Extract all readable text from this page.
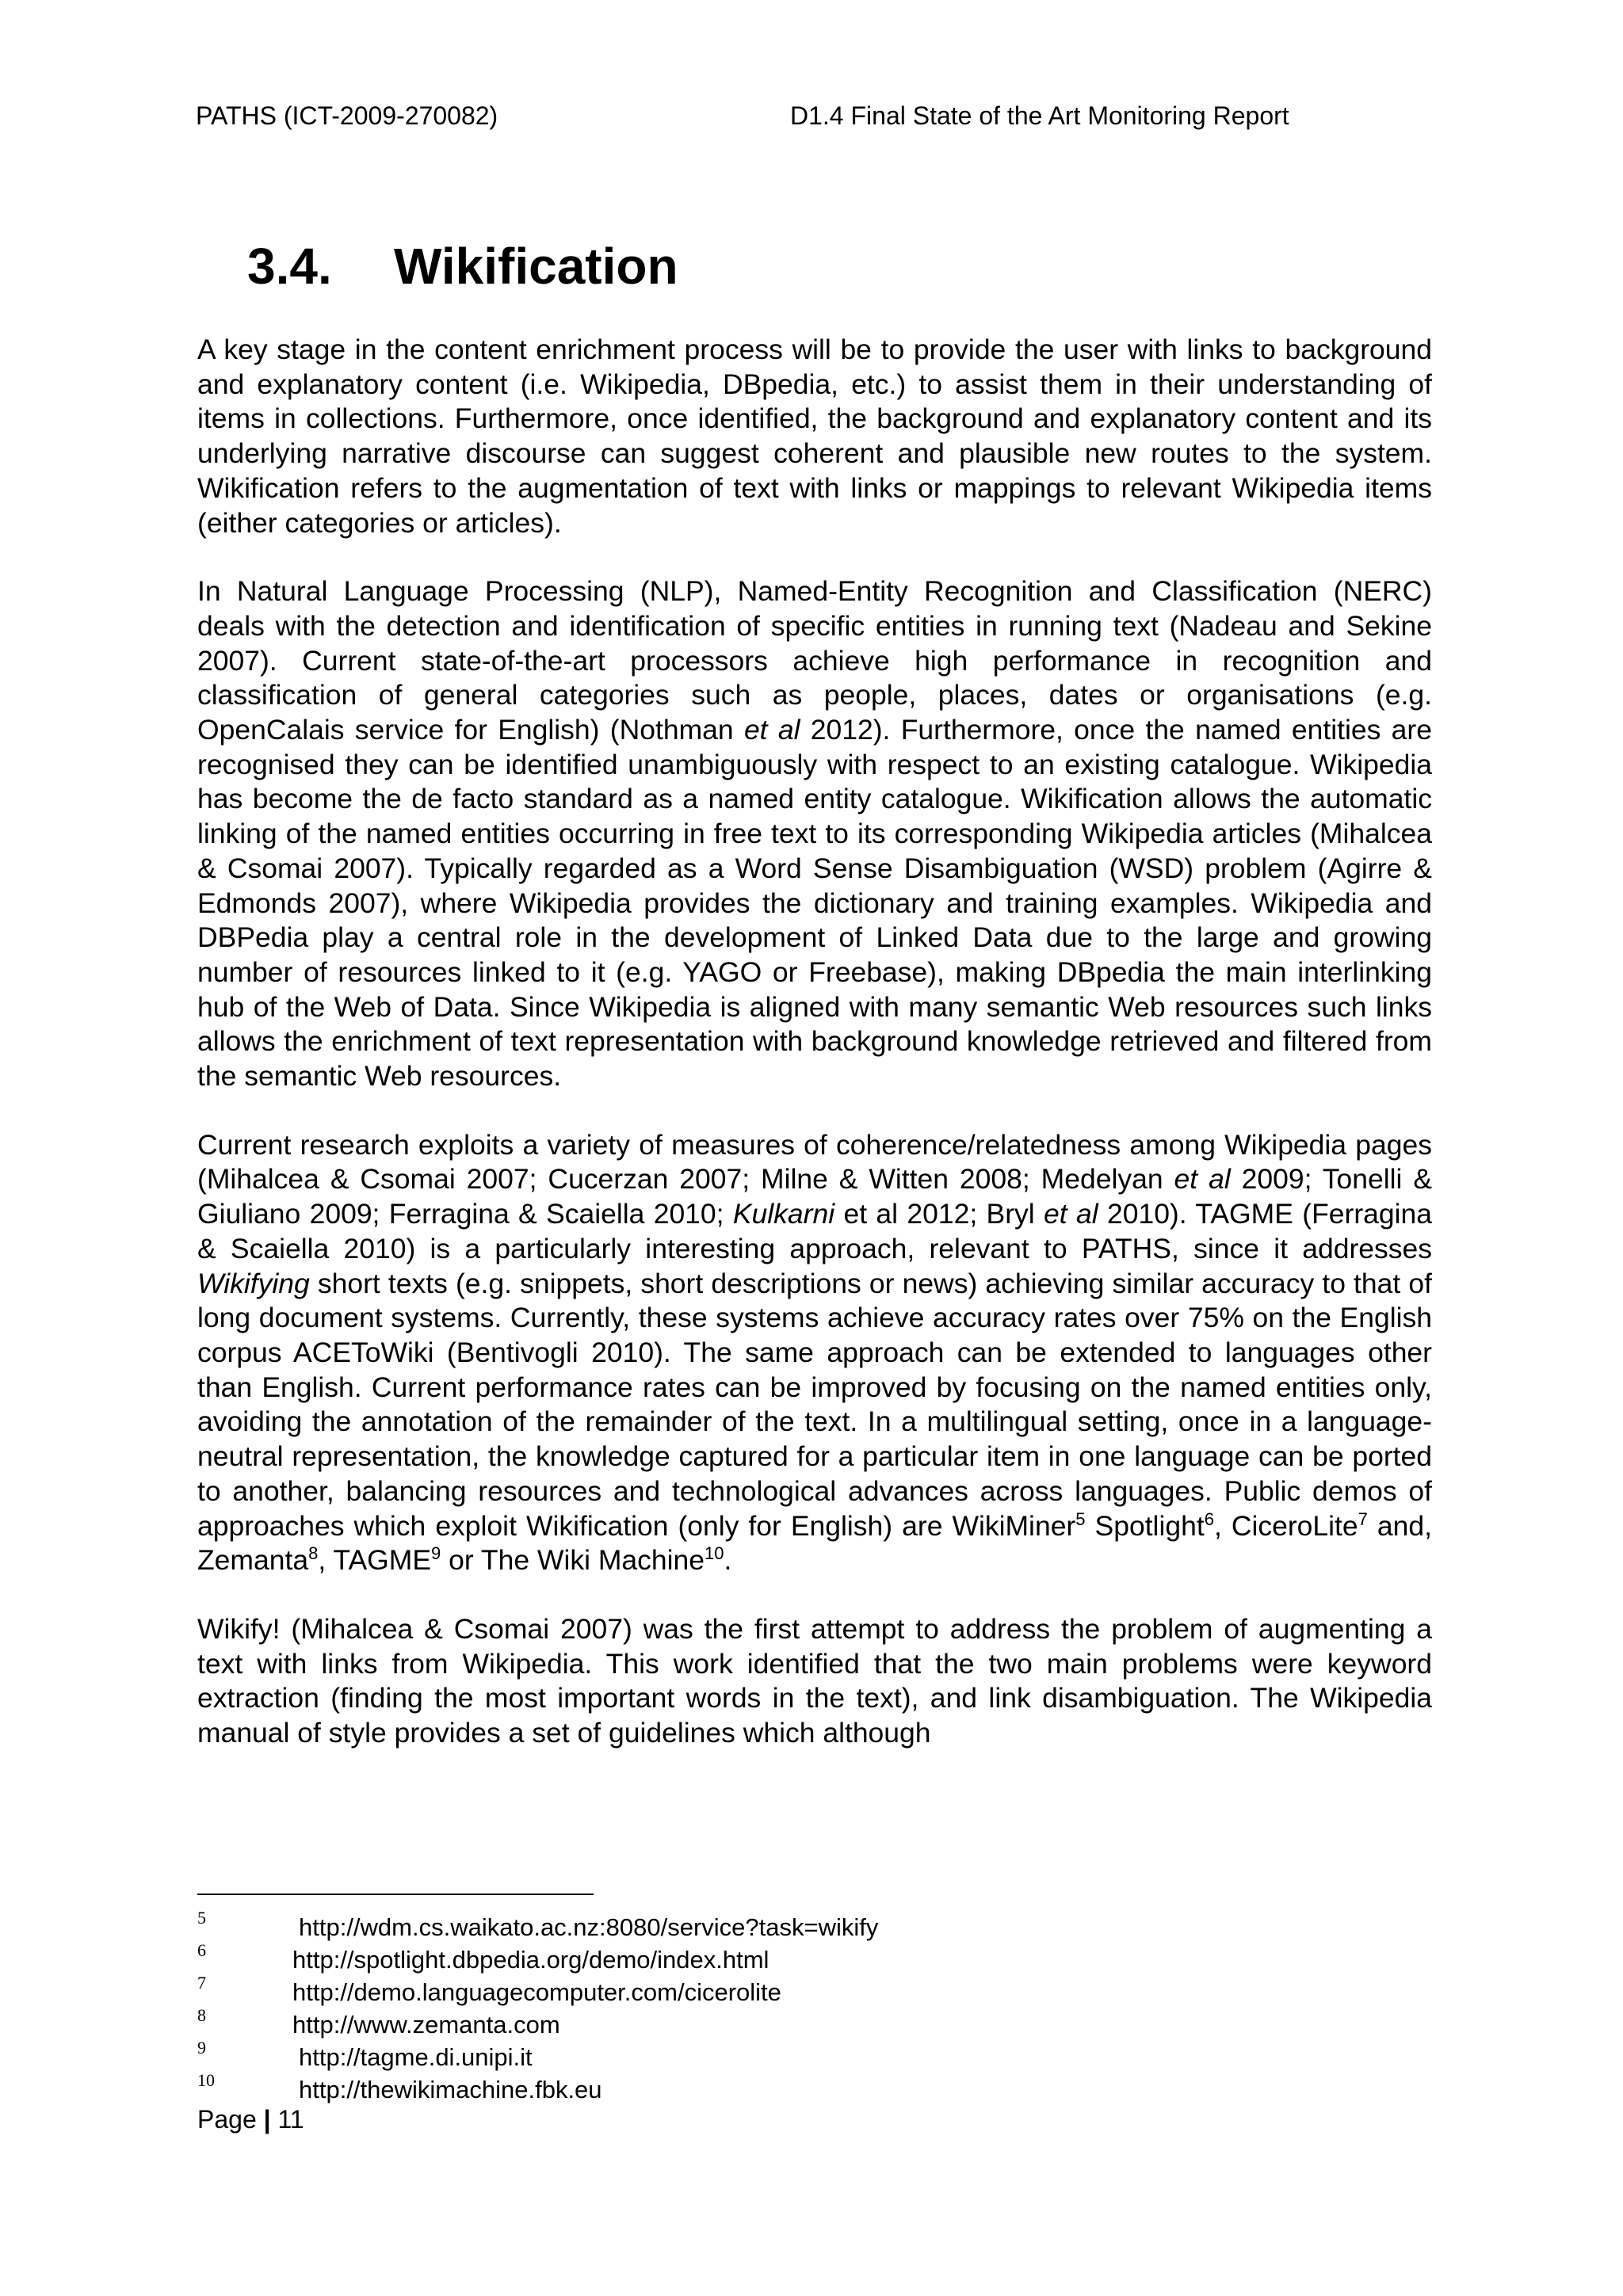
PATHS (ICT-2009-270082)	D1.4 Final State of the Art Monitoring Report
3.4. Wikification

A key stage in the content enrichment process will be to provide the user with links to background and explanatory content (i.e. Wikipedia, DBpedia, etc.) to assist them in their understanding of items in collections. Furthermore, once identified, the background and explanatory content and its underlying narrative discourse can suggest coherent and plausible new routes to the system. Wikification refers to the augmentation of text with links or mappings to relevant Wikipedia items (either categories or articles).

In Natural Language Processing (NLP), Named-Entity Recognition and Classification (NERC) deals with the detection and identification of specific entities in running text (Nadeau and Sekine 2007). Current state-of-the-art processors achieve high performance in recognition and classification of general categories such as people, places, dates or organisations (e.g. OpenCalais service for English) (Nothman et al 2012). Furthermore, once the named entities are recognised they can be identified unambiguously with respect to an existing catalogue. Wikipedia has become the de facto standard as a named entity catalogue. Wikification allows the automatic linking of the named entities occurring in free text to its corresponding Wikipedia articles (Mihalcea & Csomai 2007). Typically regarded as a Word Sense Disambiguation (WSD) problem (Agirre & Edmonds 2007), where Wikipedia provides the dictionary and training examples. Wikipedia and DBPedia play a central role in the development of Linked Data due to the large and growing number of resources linked to it (e.g. YAGO or Freebase), making DBpedia the main interlinking hub of the Web of Data. Since Wikipedia is aligned with many semantic Web resources such links allows the enrichment of text representation with background knowledge retrieved and filtered from the semantic Web resources.

Current research exploits a variety of measures of coherence/relatedness among Wikipedia pages (Mihalcea & Csomai 2007; Cucerzan 2007; Milne & Witten 2008; Medelyan et al 2009; Tonelli & Giuliano 2009; Ferragina & Scaiella 2010; Kulkarni et al 2012; Bryl et al 2010). TAGME (Ferragina & Scaiella 2010) is a particularly interesting approach, relevant to PATHS, since it addresses Wikifying short texts (e.g. snippets, short descriptions or news) achieving similar accuracy to that of long document systems. Currently, these systems achieve accuracy rates over 75% on the English corpus ACEToWiki (Bentivogli 2010). The same approach can be extended to languages other than English. Current performance rates can be improved by focusing on the named entities only, avoiding the annotation of the remainder of the text. In a multilingual setting, once in a language-neutral representation, the knowledge captured for a particular item in one language can be ported to another, balancing resources and technological advances across languages. Public demos of approaches which exploit Wikification (only for English) are WikiMiner$^5$ Spotlight$^6$, CiceroLite$^7$ and, Zemanta$^8$, TAGME$^9$ or The Wiki Machine$^{10}$.

Wikify! (Mihalcea & Csomai 2007) was the first attempt to address the problem of augmenting a text with links from Wikipedia. This work identified that the two main problems were keyword extraction (finding the most important words in the text), and link disambiguation. The Wikipedia manual of style provides a set of guidelines which although

5	http://wdm.cs.waikato.ac.nz:8080/service?task=wikify
6	http://spotlight.dbpedia.org/demo/index.html
7	http://demo.languagecomputer.com/cicerolite
8	http://www.zemanta.com
9	http://tagme.di.unipi.it
10	http://thewikimachine.fbk.eu
Page | 11
